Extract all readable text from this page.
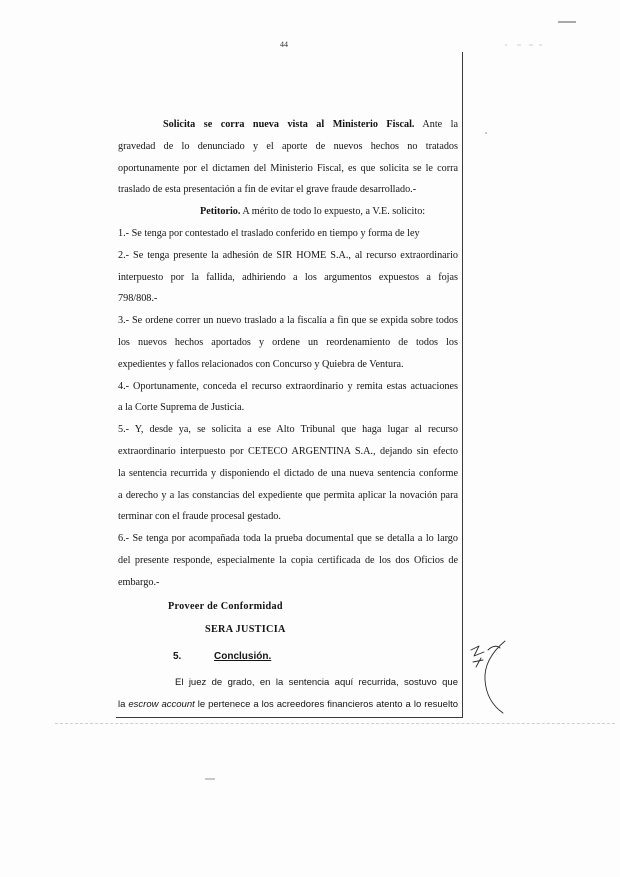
44
Solicita se corra nueva vista al Ministerio Fiscal. Ante la
gravedad de lo denunciado y el aporte de nuevos hechos no tratados
oportunamente por el dictamen del Ministerio Fiscal, es que solicita se le corra
traslado de esta presentación a fin de evitar el grave fraude desarrollado.-
Petitorio. A mérito de todo lo expuesto, a V.E. solicito:
1.- Se tenga por contestado el traslado conferido en tiempo y forma de ley
2.- Se tenga presente la adhesión de SIR HOME S.A., al recurso extraordinario
interpuesto por la fallida, adhiriendo a los argumentos expuestos a fojas
798/808.-
3.- Se ordene correr un nuevo traslado a la fiscalía a fin que se expida sobre todos
los nuevos hechos aportados y ordene un reordenamiento de todos los
expedientes y fallos relacionados con Concurso y Quiebra de Ventura.
4.- Oportunamente, conceda el recurso extraordinario y remita estas actuaciones
a la Corte Suprema de Justicia.
5.- Y, desde ya, se solicita a ese Alto Tribunal que haga lugar al recurso
extraordinario interpuesto por CETECO ARGENTINA S.A., dejando sin efecto
la sentencia recurrida y disponiendo el dictado de una nueva sentencia conforme
a derecho y a las constancias del expediente que permita aplicar la novación para
terminar con el fraude procesal gestado.
6.- Se tenga por acompañada toda la prueba documental que se detalla a lo largo
del presente responde, especialmente la copia certificada de los dos Oficios de
embargo.-
Proveer de Conformidad
SERA JUSTICIA
5.	Conclusión.
El juez de grado, en la sentencia aquí recurrida, sostuvo que
la escrow account le pertenece a los acreedores financieros atento a lo resuelto
